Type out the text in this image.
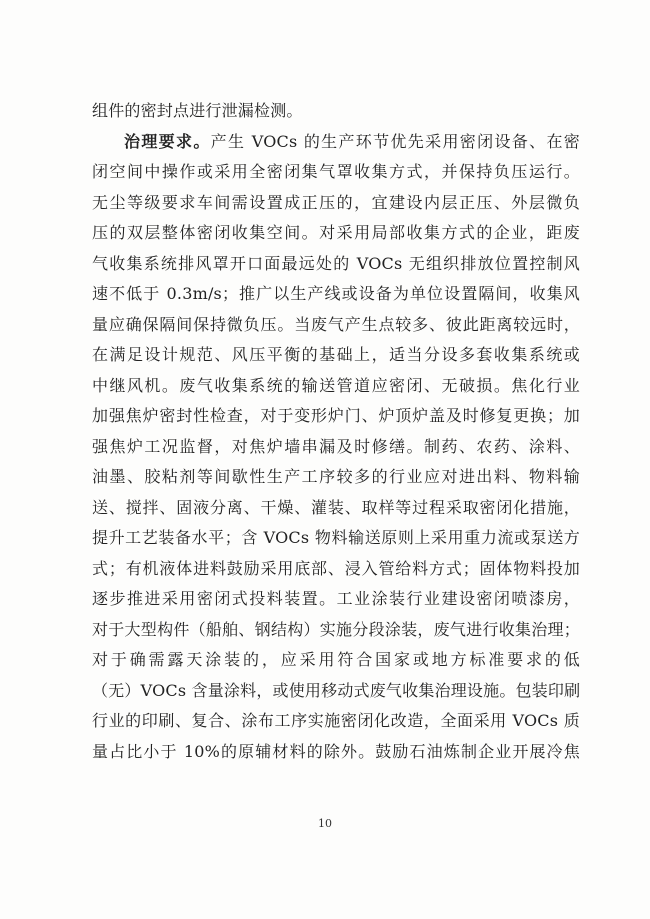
组件的密封点进行泄漏检测。
治理要求。产生 VOCs 的生产环节优先采用密闭设备、在密
闭空间中操作或采用全密闭集气罩收集方式，并保持负压运行。
无尘等级要求车间需设置成正压的，宜建设内层正压、外层微负
压的双层整体密闭收集空间。对采用局部收集方式的企业，距废
气收集系统排风罩开口面最远处的 VOCs 无组织排放位置控制风
速不低于 0.3m/s；推广以生产线或设备为单位设置隔间，收集风
量应确保隔间保持微负压。当废气产生点较多、彼此距离较远时，
在满足设计规范、风压平衡的基础上，适当分设多套收集系统或
中继风机。废气收集系统的输送管道应密闭、无破损。焦化行业
加强焦炉密封性检查，对于变形炉门、炉顶炉盖及时修复更换；加
强焦炉工况监督，对焦炉墙串漏及时修缮。制药、农药、涂料、
油墨、胶粘剂等间歇性生产工序较多的行业应对进出料、物料输
送、搅拌、固液分离、干燥、灌装、取样等过程采取密闭化措施，
提升工艺装备水平；含 VOCs 物料输送原则上采用重力流或泵送方
式；有机液体进料鼓励采用底部、浸入管给料方式；固体物料投加
逐步推进采用密闭式投料装置。工业涂装行业建设密闭喷漆房，
对于大型构件（船舶、钢结构）实施分段涂装，废气进行收集治理；
对于确需露天涂装的，应采用符合国家或地方标准要求的低
（无）VOCs 含量涂料，或使用移动式废气收集治理设施。包装印刷
行业的印刷、复合、涂布工序实施密闭化改造，全面采用 VOCs 质
量占比小于 10%的原辅材料的除外。鼓励石油炼制企业开展冷焦
10
